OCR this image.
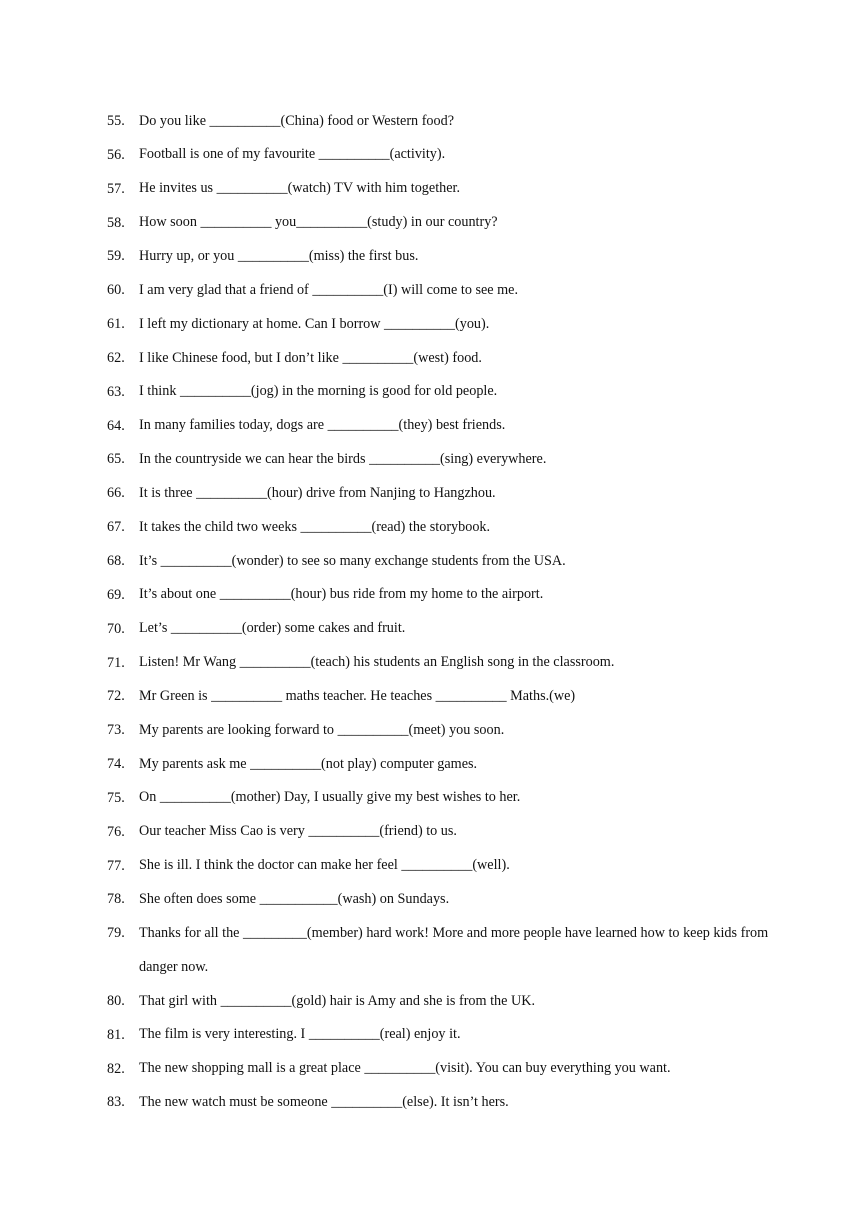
55. Do you like __________(China) food or Western food?
56. Football is one of my favourite __________(activity).
57. He invites us __________(watch) TV with him together.
58. How soon __________ you__________(study) in our country?
59. Hurry up, or you __________(miss) the first bus.
60. I am very glad that a friend of __________(I) will come to see me.
61. I left my dictionary at home. Can I borrow __________(you).
62. I like Chinese food, but I don’t like __________(west) food.
63. I think __________(jog) in the morning is good for old people.
64. In many families today, dogs are __________(they) best friends.
65. In the countryside we can hear the birds __________(sing) everywhere.
66. It is three __________(hour) drive from Nanjing to Hangzhou.
67. It takes the child two weeks __________(read) the storybook.
68. It’s __________(wonder) to see so many exchange students from the USA.
69. It’s about one __________(hour) bus ride from my home to the airport.
70. Let’s __________(order) some cakes and fruit.
71. Listen! Mr Wang __________(teach) his students an English song in the classroom.
72. Mr Green is __________ maths teacher. He teaches __________ Maths.(we)
73. My parents are looking forward to __________(meet) you soon.
74. My parents ask me __________(not play) computer games.
75. On __________(mother) Day, I usually give my best wishes to her.
76. Our teacher Miss Cao is very __________(friend) to us.
77. She is ill. I think the doctor can make her feel __________(well).
78. She often does some ___________(wash) on Sundays.
79. Thanks for all the _________(member) hard work! More and more people have learned how to keep kids from danger now.
80. That girl with __________(gold) hair is Amy and she is from the UK.
81. The film is very interesting. I __________(real) enjoy it.
82. The new shopping mall is a great place __________(visit). You can buy everything you want.
83. The new watch must be someone __________(else). It isn’t hers.
